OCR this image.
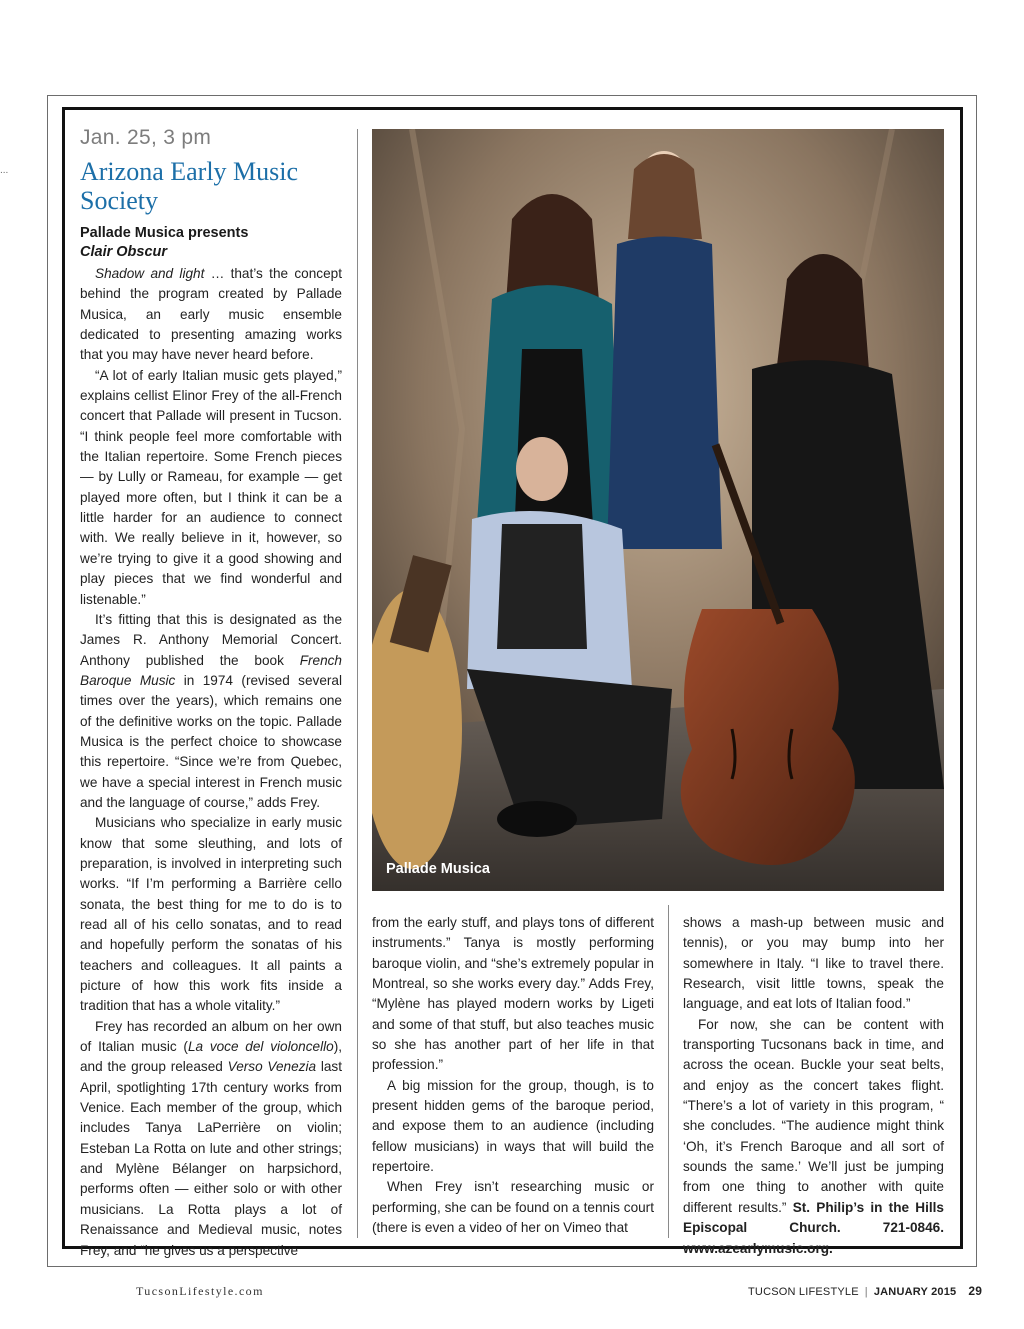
...
Jan. 25, 3 pm
Arizona Early Music Society
Pallade Musica presents
Clair Obscur

Shadow and light … that’s the concept behind the program created by Pallade Musica, an early music ensemble dedicated to presenting amazing works that you may have never heard before.

“A lot of early Italian music gets played,” explains cellist Elinor Frey of the all-French concert that Pallade will present in Tucson. “I think people feel more comfortable with the Italian repertoire. Some French pieces — by Lully or Rameau, for example — get played more often, but I think it can be a little harder for an audience to connect with. We really believe in it, however, so we’re trying to give it a good showing and play pieces that we find wonderful and listenable.”

It’s fitting that this is designated as the James R. Anthony Memorial Concert. Anthony published the book French Baroque Music in 1974 (revised several times over the years), which remains one of the definitive works on the topic. Pallade Musica is the perfect choice to showcase this repertoire. “Since we’re from Quebec, we have a special interest in French music and the language of course,” adds Frey.

Musicians who specialize in early music know that some sleuthing, and lots of preparation, is involved in interpreting such works. “If I’m performing a Barrière cello sonata, the best thing for me to do is to read all of his cello sonatas, and to read and hopefully perform the sonatas of his teachers and colleagues. It all paints a picture of how this work fits inside a tradition that has a whole vitality.”

Frey has recorded an album on her own of Italian music (La voce del violoncello), and the group released Verso Venezia last April, spotlighting 17th century works from Venice. Each member of the group, which includes Tanya LaPerrière on violin; Esteban La Rotta on lute and other strings; and Mylène Bélanger on harpsichord, performs often — either solo or with other musicians. La Rotta plays a lot of Renaissance and Medieval music, notes Frey, and “he gives us a perspective

Pallade Musica

from the early stuff, and plays tons of different instruments.” Tanya is mostly performing baroque violin, and “she’s extremely popular in Montreal, so she works every day.” Adds Frey, “Mylène has played modern works by Ligeti and some of that stuff, but also teaches music so she has another part of her life in that profession.”

A big mission for the group, though, is to present hidden gems of the baroque period, and expose them to an audience (including fellow musicians) in ways that will build the repertoire.

When Frey isn’t researching music or performing, she can be found on a tennis court (there is even a video of her on Vimeo that

shows a mash-up between music and tennis), or you may bump into her somewhere in Italy. “I like to travel there. Research, visit little towns, speak the language, and eat lots of Italian food.”

For now, she can be content with transporting Tucsonans back in time, and across the ocean. Buckle your seat belts, and enjoy as the concert takes flight. “There’s a lot of variety in this program, “ she concludes. “The audience might think ‘Oh, it’s French Baroque and all sort of sounds the same.’ We’ll just be jumping from one thing to another with quite different results.” St. Philip’s in the Hills Episcopal Church. 721-0846. www.azearlymusic.org.

TucsonLifestyle.com	TUCSON LIFESTYLE | JANUARY 2015 29
